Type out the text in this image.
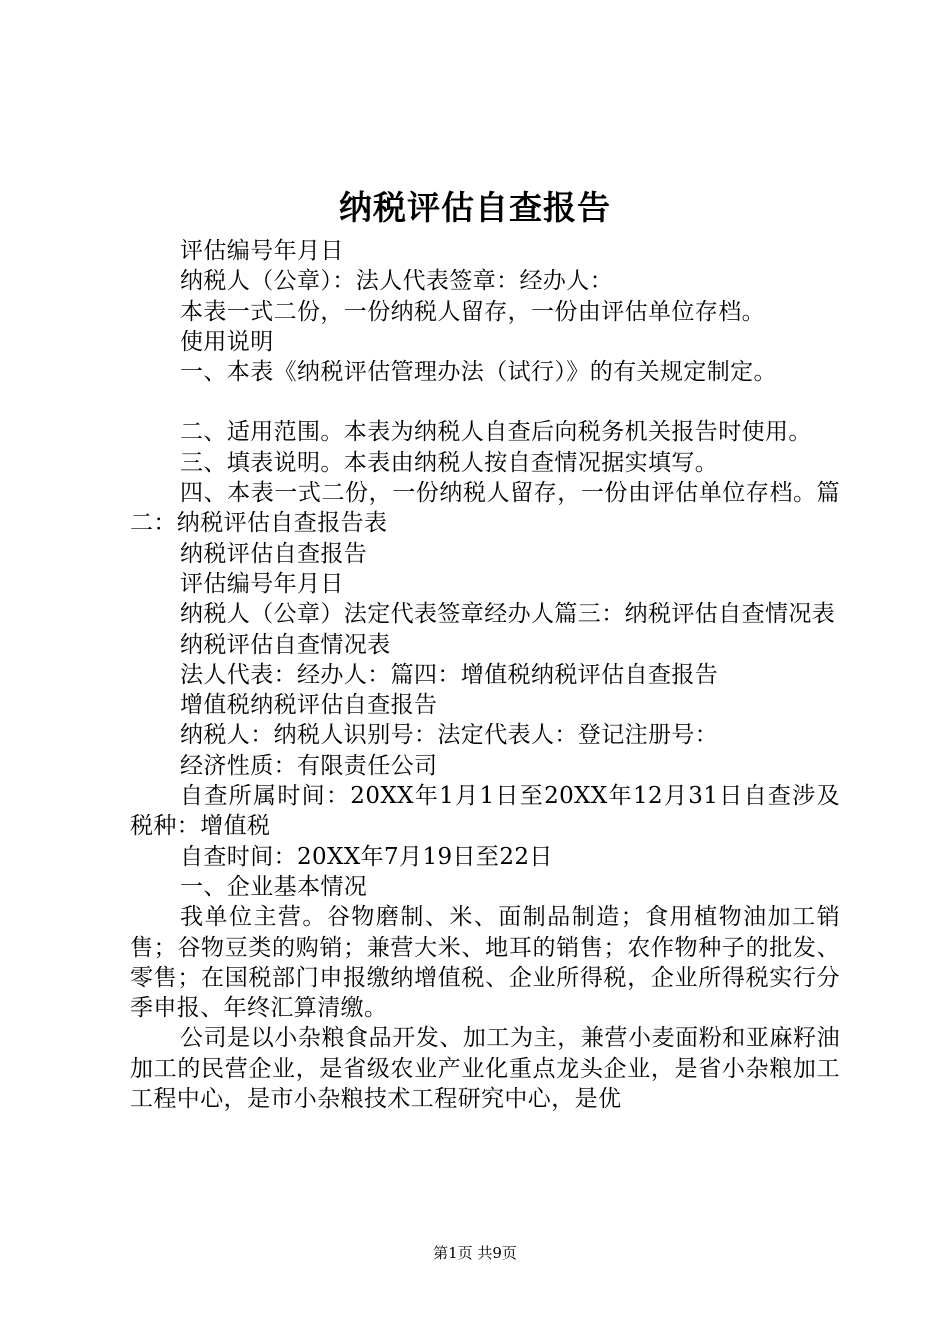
纳税评估自查报告

评估编号年月日

纳税人（公章）：法人代表签章：经办人：

本表一式二份，一份纳税人留存，一份由评估单位存档。

使用说明

一、本表《纳税评估管理办法（试行）》的有关规定制定。

二、适用范围。本表为纳税人自查后向税务机关报告时使用。

三、填表说明。本表由纳税人按自查情况据实填写。

四、本表一式二份，一份纳税人留存，一份由评估单位存档。篇二：纳税评估自查报告表

纳税评估自查报告

评估编号年月日

纳税人（公章）法定代表签章经办人篇三：纳税评估自查情况表

纳税评估自查情况表

法人代表：经办人：篇四：增值税纳税评估自查报告

增值税纳税评估自查报告

纳税人：纳税人识别号：法定代表人：登记注册号：

经济性质：有限责任公司

自查所属时间：20XX年1月1日至20XX年12月31日自查涉及税种：增值税

自查时间：20XX年7月19日至22日

一、企业基本情况

我单位主营。谷物磨制、米、面制品制造；食用植物油加工销售；谷物豆类的购销；兼营大米、地耳的销售；农作物种子的批发、零售；在国税部门申报缴纳增值税、企业所得税，企业所得税实行分季申报、年终汇算清缴。

公司是以小杂粮食品开发、加工为主，兼营小麦面粉和亚麻籽油加工的民营企业，是省级农业产业化重点龙头企业，是省小杂粮加工工程中心，是市小杂粮技术工程研究中心，是优

第1页 共9页
